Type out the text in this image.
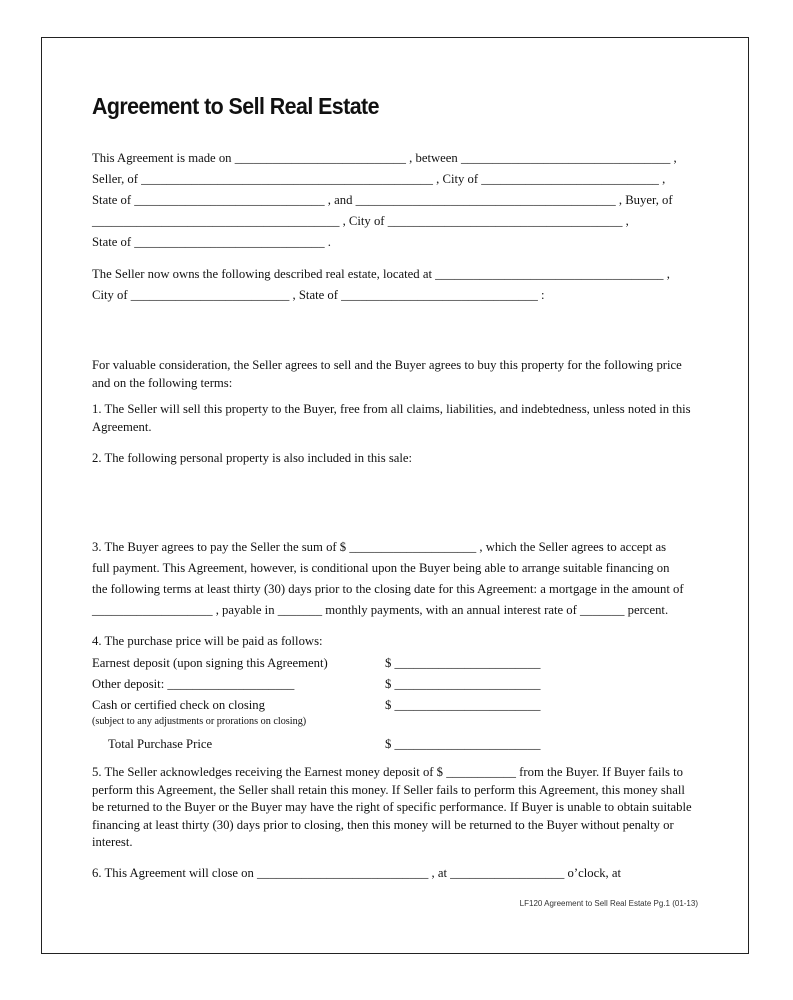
Agreement to Sell Real Estate
This Agreement is made on ___________________________ , between _________________________________ ,
Seller, of ______________________________________________ , City of ____________________________ ,
State of ______________________________ , and _________________________________________ , Buyer, of
_______________________________________ , City of _____________________________________ ,
State of ______________________________ .
The Seller now owns the following described real estate, located at ____________________________________ ,
City of _________________________ , State of _______________________________ :
For valuable consideration, the Seller agrees to sell and the Buyer agrees to buy this property for the following price
and on the following terms:
1. The Seller will sell this property to the Buyer, free from all claims, liabilities, and indebtedness, unless noted in this
Agreement.
2. The following personal property is also included in this sale:
3. The Buyer agrees to pay the Seller the sum of $ ____________________ , which the Seller agrees to accept as
full payment. This Agreement, however, is conditional upon the Buyer being able to arrange suitable financing on
the following terms at least thirty (30) days prior to the closing date for this Agreement: a mortgage in the amount of
___________________ , payable in _______ monthly payments, with an annual interest rate of _______ percent.
4. The purchase price will be paid as follows:
Earnest deposit (upon signing this Agreement)	$ _______________________
Other deposit: ____________________	$ _______________________
Cash or certified check on closing	$ _______________________
(subject to any adjustments or prorations on closing)
Total Purchase Price	$ _______________________
5. The Seller acknowledges receiving the Earnest money deposit of $ ___________ from the Buyer. If Buyer fails to
perform this Agreement, the Seller shall retain this money. If Seller fails to perform this Agreement, this money shall
be returned to the Buyer or the Buyer may have the right of specific performance. If Buyer is unable to obtain suitable
financing at least thirty (30) days prior to closing, then this money will be returned to the Buyer without penalty or
interest.
6. This Agreement will close on ___________________________ , at __________________ o’clock, at
LF120 Agreement to Sell Real Estate Pg.1 (01-13)
